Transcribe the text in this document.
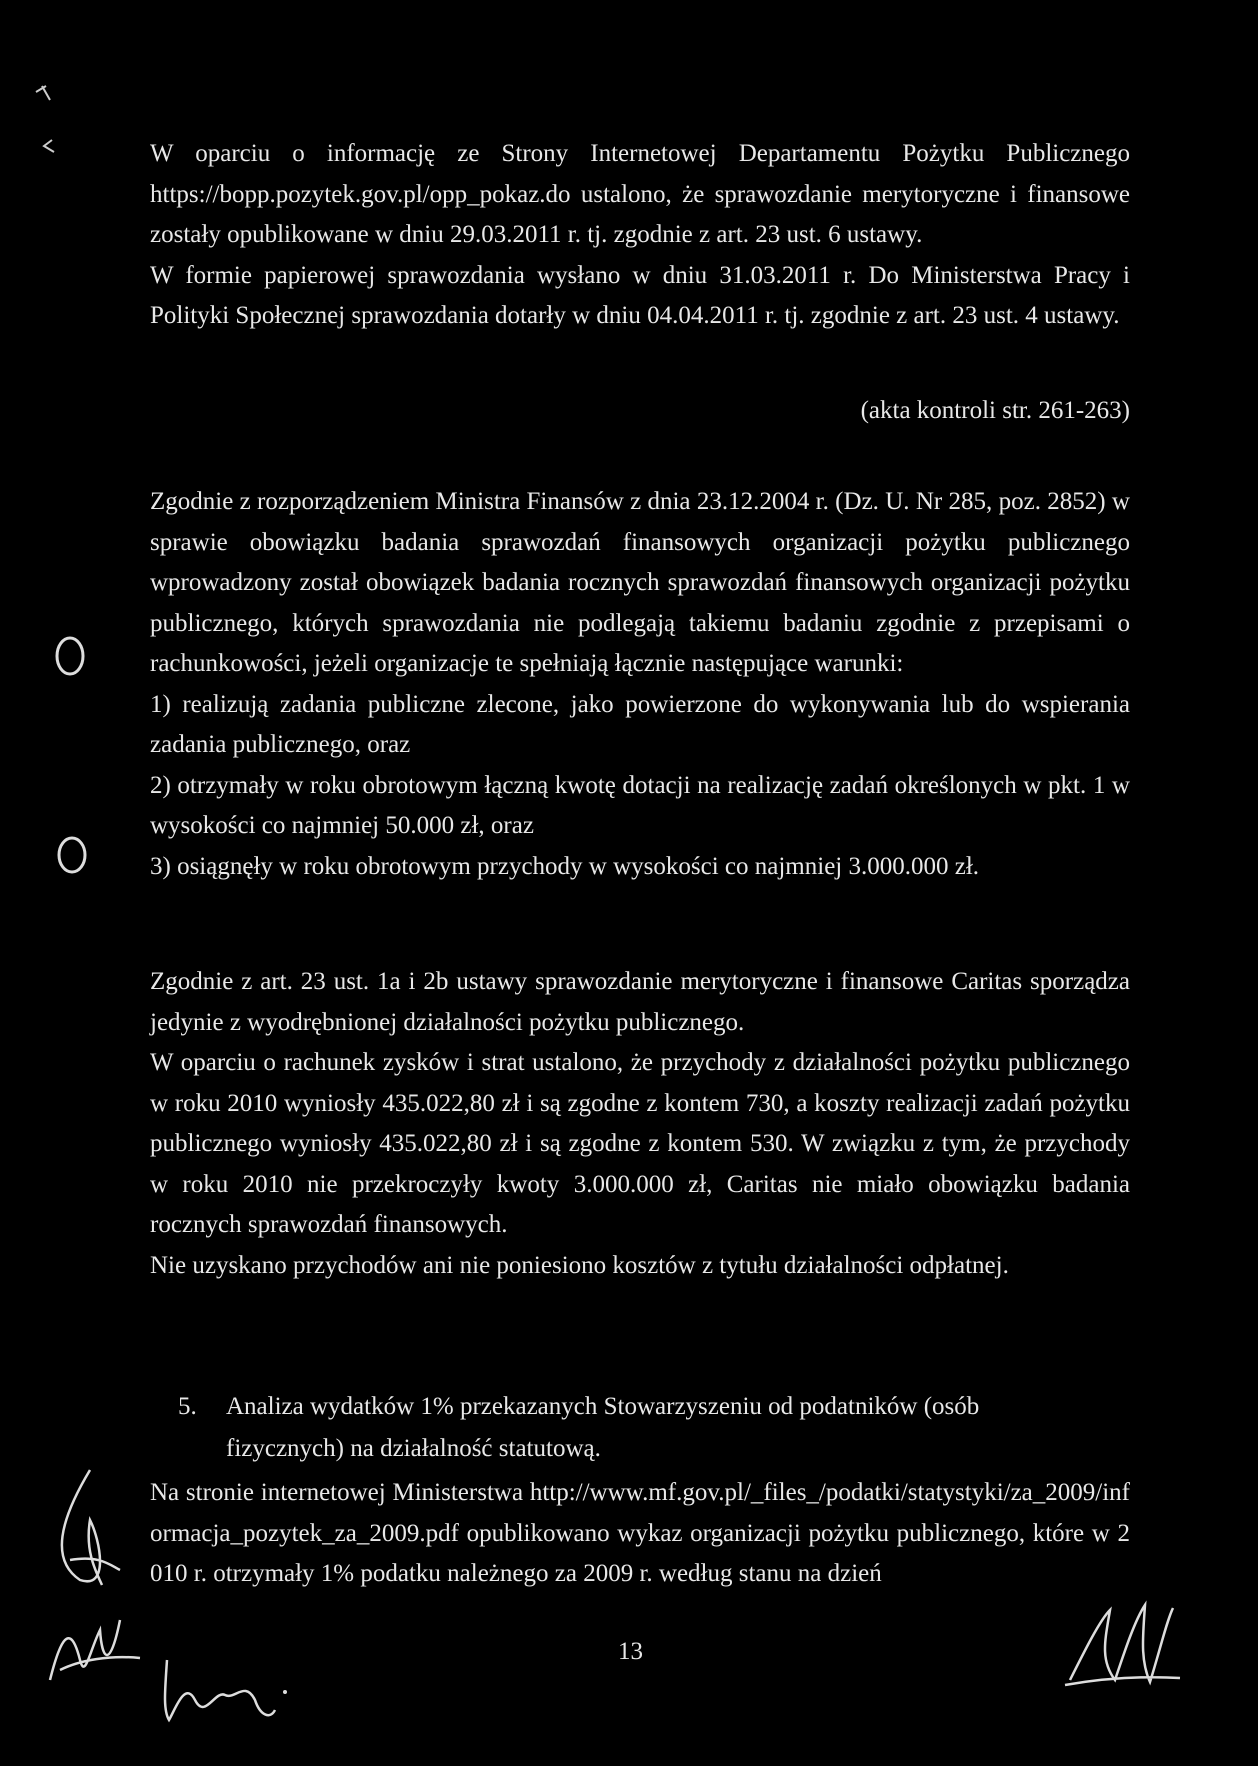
W oparciu o informację ze Strony Internetowej Departamentu Pożytku Publicznego https://bopp.pozytek.gov.pl/opp_pokaz.do ustalono, że sprawozdanie merytoryczne i finansowe zostały opublikowane w dniu 29.03.2011 r. tj. zgodnie z art. 23 ust. 6 ustawy.

W formie papierowej sprawozdania wysłano w dniu 31.03.2011 r. Do Ministerstwa Pracy i Polityki Społecznej sprawozdania dotarły w dniu 04.04.2011 r. tj. zgodnie z art. 23 ust. 4 ustawy.

(akta kontroli str. 261-263)

Zgodnie z rozporządzeniem Ministra Finansów z dnia 23.12.2004 r. (Dz. U. Nr 285, poz. 2852) w sprawie obowiązku badania sprawozdań finansowych organizacji pożytku publicznego wprowadzony został obowiązek badania rocznych sprawozdań finansowych organizacji pożytku publicznego, których sprawozdania nie podlegają takiemu badaniu zgodnie z przepisami o rachunkowości, jeżeli organizacje te spełniają łącznie następujące warunki:

1) realizują zadania publiczne zlecone, jako powierzone do wykonywania lub do wspierania zadania publicznego, oraz

2) otrzymały w roku obrotowym łączną kwotę dotacji na realizację zadań określonych w pkt. 1 w wysokości co najmniej 50.000 zł, oraz

3) osiągnęły w roku obrotowym przychody w wysokości co najmniej 3.000.000 zł.

Zgodnie z art. 23 ust. 1a i 2b ustawy sprawozdanie merytoryczne i finansowe Caritas sporządza jedynie z wyodrębnionej działalności pożytku publicznego.

W oparciu o rachunek zysków i strat ustalono, że przychody z działalności pożytku publicznego w roku 2010 wyniosły 435.022,80 zł i są zgodne z kontem 730, a koszty realizacji zadań pożytku publicznego wyniosły 435.022,80 zł i są zgodne z kontem 530. W związku z tym, że przychody w roku 2010 nie przekroczyły kwoty 3.000.000 zł, Caritas nie miało obowiązku badania rocznych sprawozdań finansowych.

Nie uzyskano przychodów ani nie poniesiono kosztów z tytułu działalności odpłatnej.

5. Analiza wydatków 1% przekazanych Stowarzyszeniu od podatników (osób
fizycznych) na działalność statutową.

Na stronie internetowej Ministerstwa http://www.mf.gov.pl/_files_/podatki/statystyki/za_2009/informacja_pozytek_za_2009.pdf opublikowano wykaz organizacji pożytku publicznego, które w 2010 r. otrzymały 1% podatku należnego za 2009 r. według stanu na dzień

13
